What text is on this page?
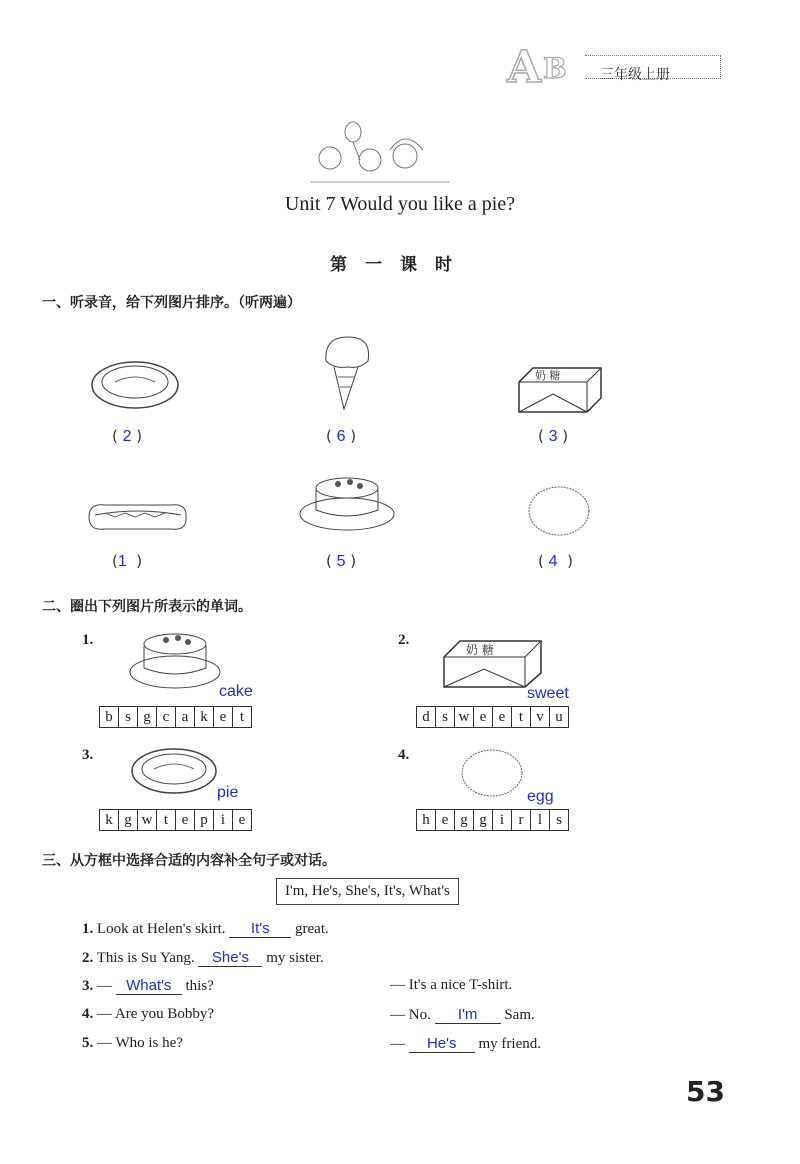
A B 三年级上册
Unit 7 Would you like a pie?
第一课时
一、听录音，给下列图片排序。（听两遍）
奶 糖
( 2 )	( 6 )	( 3 )
(1  )	( 5 )	( 4  )
二、圈出下列图片所表示的单词。
1.
cake
b s g c a k e t
2.
奶 糖
sweet
d s w e e t v u
3.
pie
k g w t e p i e
4.
egg
h e g g i r l s
三、从方框中选择合适的内容补全句子或对话。
I'm, He's, She's, It's, What's
1. Look at Helen's skirt. It's great.
2. This is Su Yang. She's my sister.
3. — What's this?	— It's a nice T-shirt.
4. — Are you Bobby?	— No. I'm Sam.
5. — Who is he?	— He's my friend.
53
